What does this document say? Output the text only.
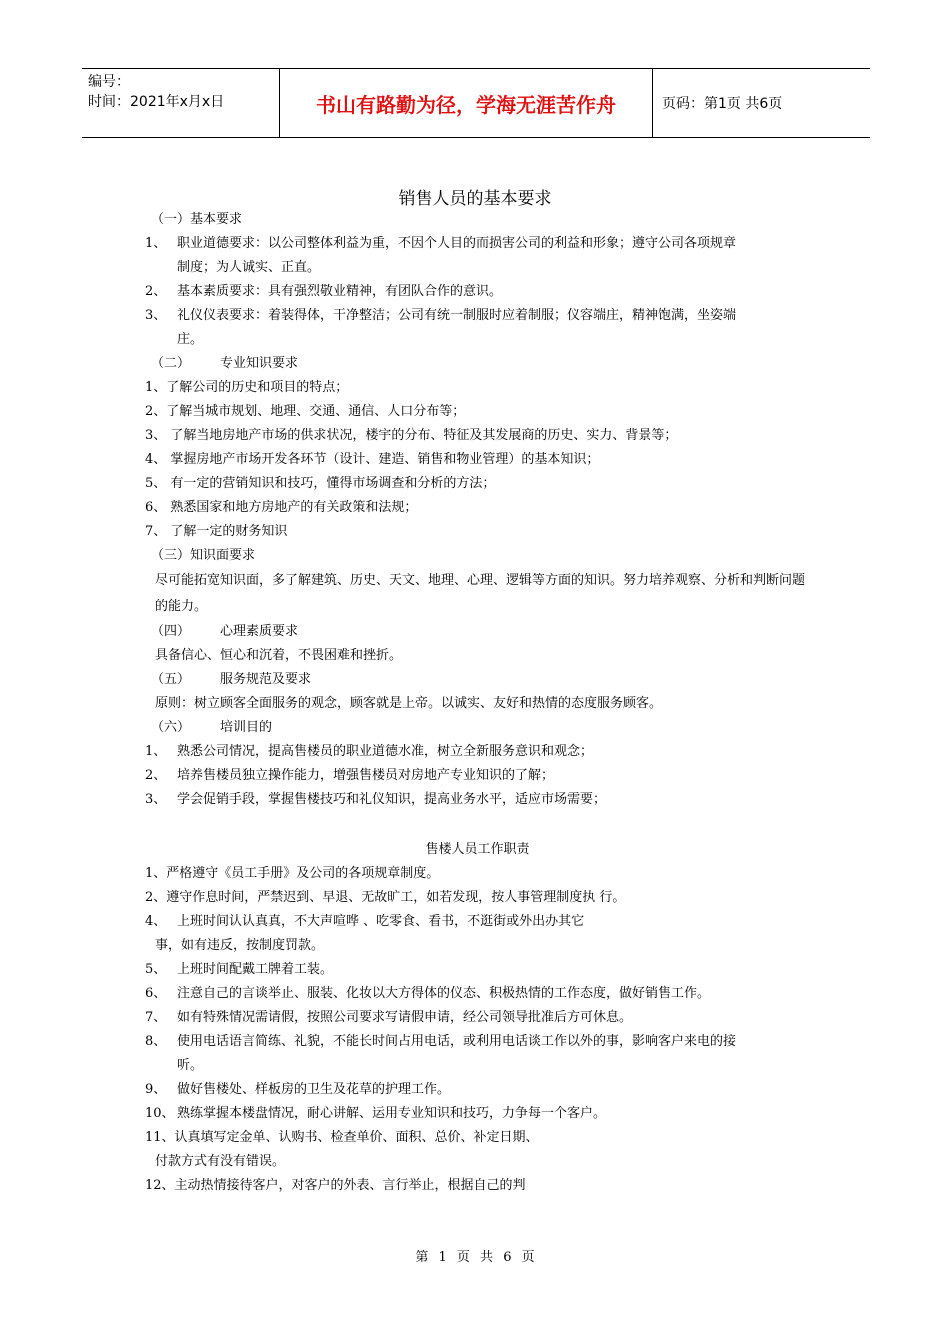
编号：
时间：2021年x月x日	书山有路勤为径，学海无涯苦作舟	页码：第1页 共6页
销售人员的基本要求
（一）基本要求
1、 职业道德要求：以公司整体利益为重，不因个人目的而损害公司的利益和形象；遵守公司各项规章
制度；为人诚实、正直。
2、 基本素质要求：具有强烈敬业精神，有团队合作的意识。
3、 礼仪仪表要求：着装得体，干净整洁；公司有统一制服时应着制服；仪容端庄，精神饱满，坐姿端
庄。
（二） 专业知识要求
1、了解公司的历史和项目的特点；
2、了解当城市规划、地理、交通、通信、人口分布等；
3、 了解当地房地产市场的供求状况，楼宇的分布、特征及其发展商的历史、实力、背景等；
4、 掌握房地产市场开发各环节（设计、建造、销售和物业管理）的基本知识；
5、 有一定的营销知识和技巧，懂得市场调查和分析的方法；
6、 熟悉国家和地方房地产的有关政策和法规；
7、 了解一定的财务知识
（三）知识面要求
尽可能拓宽知识面，多了解建筑、历史、天文、地理、心理、逻辑等方面的知识。努力培养观察、分析和判断问题的能力。
（四） 心理素质要求
具备信心、恒心和沉着，不畏困难和挫折。
（五） 服务规范及要求
原则：树立顾客全面服务的观念，顾客就是上帝。以诚实、友好和热情的态度服务顾客。
（六） 培训目的
1、 熟悉公司情况，提高售楼员的职业道德水准，树立全新服务意识和观念；
2、 培养售楼员独立操作能力，增强售楼员对房地产专业知识的了解；
3、 学会促销手段，掌握售楼技巧和礼仪知识，提高业务水平，适应市场需要；
售楼人员工作职责
1、严格遵守《员工手册》及公司的各项规章制度。
2、遵守作息时间，严禁迟到、早退、无故旷工，如若发现，按人事管理制度执 行。
4、 上班时间认认真真，不大声喧哗 、吃零食、看书，不逛街或外出办其它
事，如有违反，按制度罚款。
5、 上班时间配戴工牌着工装。
6、 注意自己的言谈举止、服装、化妆以大方得体的仪态、积极热情的工作态度，做好销售工作。
7、 如有特殊情况需请假，按照公司要求写请假申请，经公司领导批准后方可休息。
8、 使用电话语言简练、礼貌，不能长时间占用电话，或利用电话谈工作以外的事，影响客户来电的接
听。
9、 做好售楼处、样板房的卫生及花草的护理工作。
10、 熟练掌握本楼盘情况，耐心讲解、运用专业知识和技巧，力争每一个客户。
11、认真填写定金单、认购书、检查单价、面积、总价、补定日期、
付款方式有没有错误。
12、主动热情接待客户，对客户的外表、言行举止，根据自己的判
第 1 页 共 6 页
